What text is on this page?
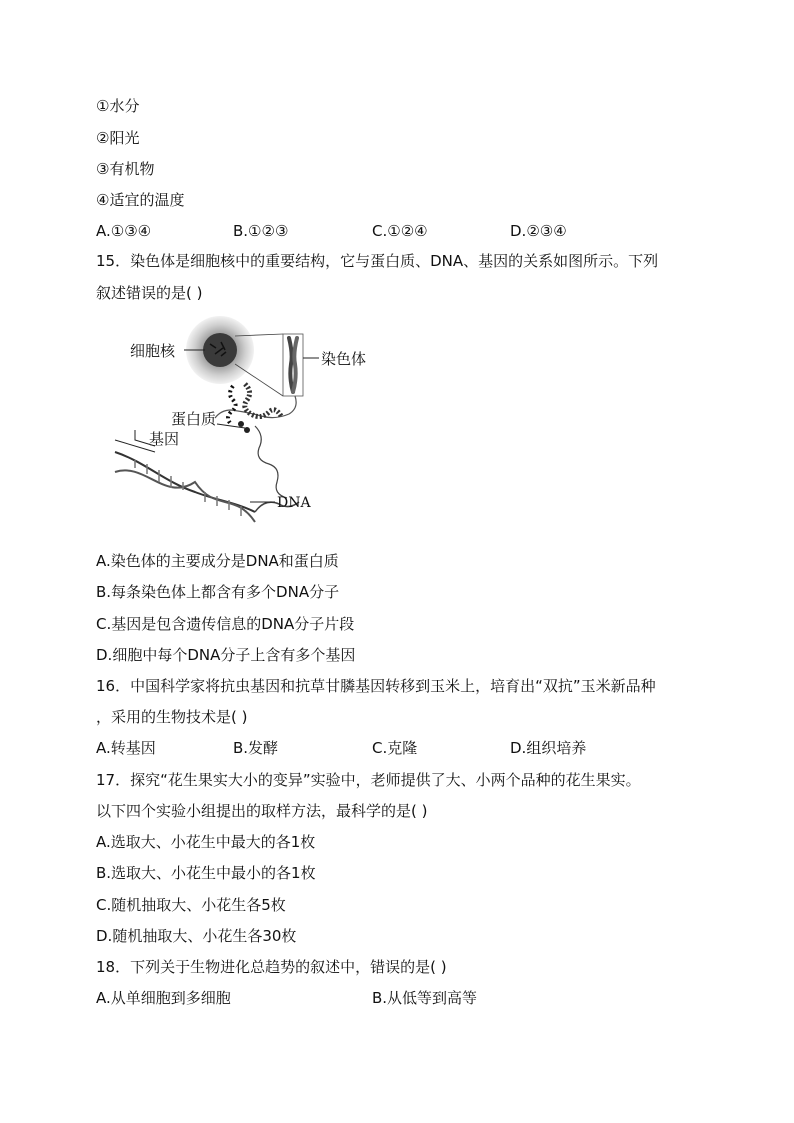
①水分
②阳光
③有机物
④适宜的温度
A.①③④	B.①②③	C.①②④	D.②③④
15．染色体是细胞核中的重要结构，它与蛋白质、DNA、基因的关系如图所示。下列
叙述错误的是( )
细胞核	染色体
蛋白质
基因
DNA
A.染色体的主要成分是DNA和蛋白质
B.每条染色体上都含有多个DNA分子
C.基因是包含遗传信息的DNA分子片段
D.细胞中每个DNA分子上含有多个基因
16．中国科学家将抗虫基因和抗草甘膦基因转移到玉米上，培育出“双抗”玉米新品种
，采用的生物技术是( )
A.转基因	B.发酵	C.克隆	D.组织培养
17．探究“花生果实大小的变异”实验中，老师提供了大、小两个品种的花生果实。
以下四个实验小组提出的取样方法，最科学的是( )
A.选取大、小花生中最大的各1枚
B.选取大、小花生中最小的各1枚
C.随机抽取大、小花生各5枚
D.随机抽取大、小花生各30枚
18．下列关于生物进化总趋势的叙述中，错误的是( )
A.从单细胞到多细胞	B.从低等到高等
